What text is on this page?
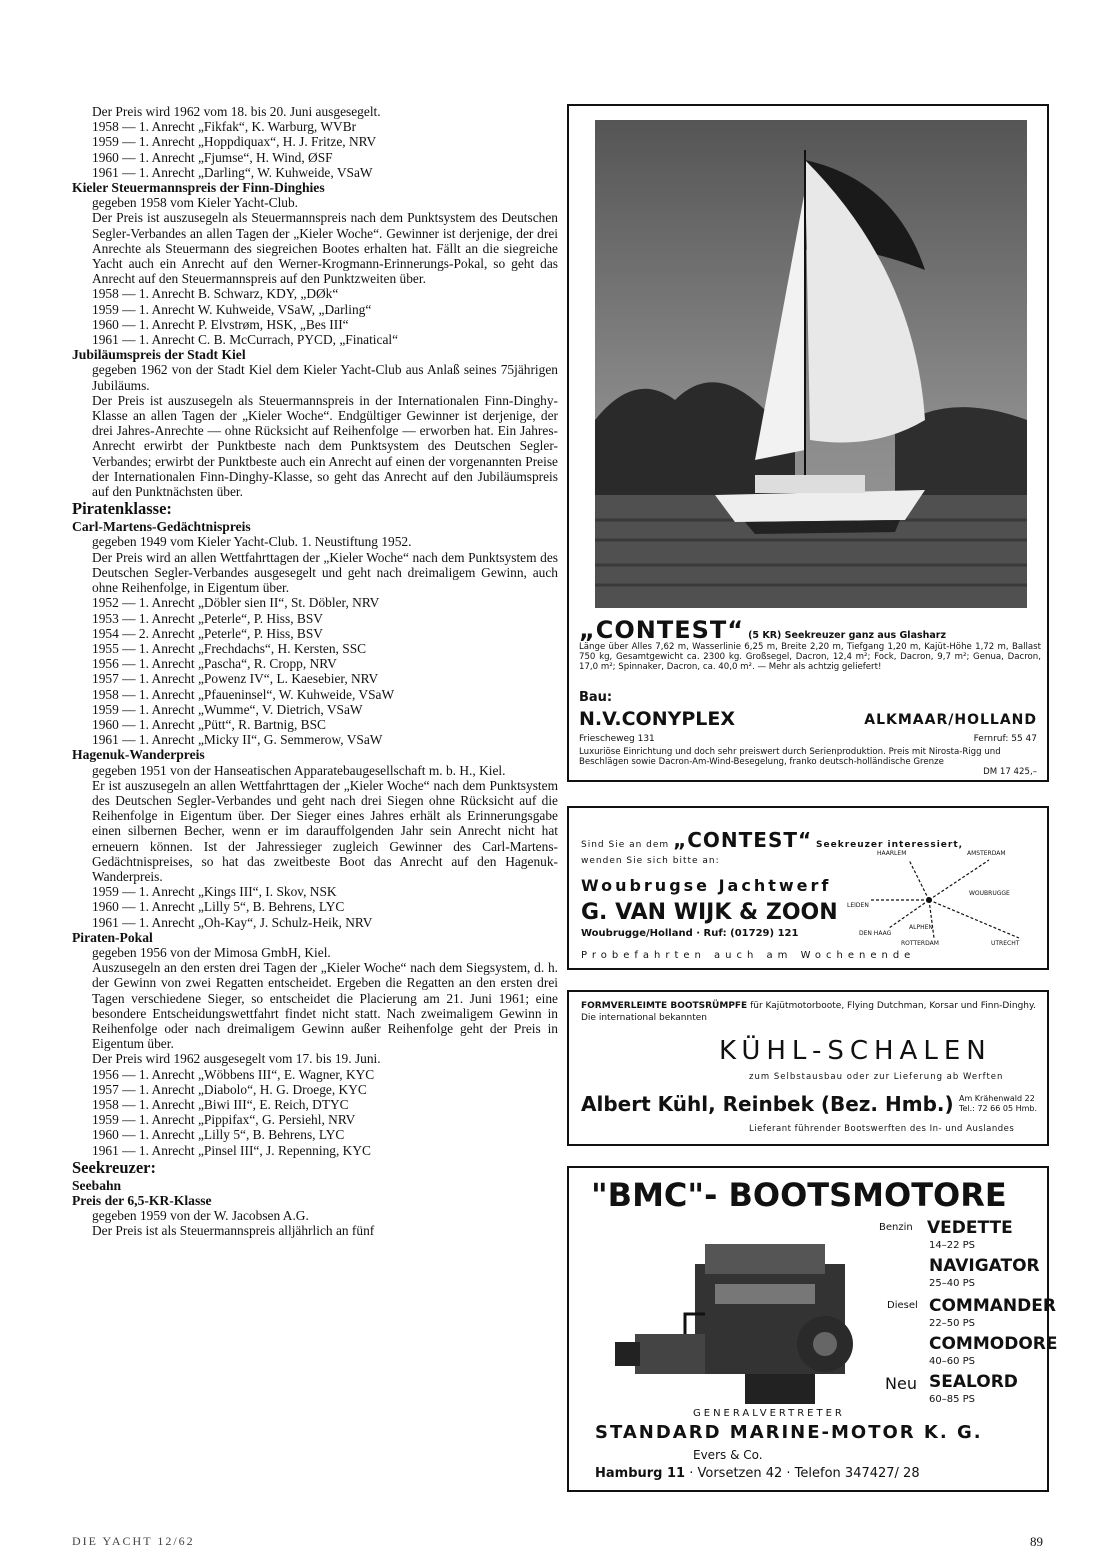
Der Preis wird 1962 vom 18. bis 20. Juni ausgesegelt.
1958 — 1. Anrecht „Fikfak“, K. Warburg, WVBr
1959 — 1. Anrecht „Hoppdiquax“, H. J. Fritze, NRV
1960 — 1. Anrecht „Fjumse“, H. Wind, ØSF
1961 — 1. Anrecht „Darling“, W. Kuhweide, VSaW
Kieler Steuermannspreis der Finn-Dinghies
gegeben 1958 vom Kieler Yacht-Club.
Der Preis ist auszusegeln als Steuermannspreis nach dem Punktsystem des Deutschen Segler-Verbandes an allen Tagen der „Kieler Woche“. Gewinner ist derjenige, der drei Anrechte als Steuermann des siegreichen Bootes erhalten hat. Fällt an die siegreiche Yacht auch ein Anrecht auf den Werner-Krogmann-Erinnerungs-Pokal, so geht das Anrecht auf den Steuermannspreis auf den Punktzweiten über.
1958 — 1. Anrecht B. Schwarz, KDY, „DØk“
1959 — 1. Anrecht W. Kuhweide, VSaW, „Darling“
1960 — 1. Anrecht P. Elvstrøm, HSK, „Bes III“
1961 — 1. Anrecht C. B. McCurrach, PYCD, „Finatical“
Jubiläumspreis der Stadt Kiel
gegeben 1962 von der Stadt Kiel dem Kieler Yacht-Club aus Anlaß seines 75jährigen Jubiläums.
Der Preis ist auszusegeln als Steuermannspreis in der Internationalen Finn-Dinghy-Klasse an allen Tagen der „Kieler Woche“. Endgültiger Gewinner ist derjenige, der drei Jahres-Anrechte — ohne Rücksicht auf Reihenfolge — erworben hat. Ein Jahres-Anrecht erwirbt der Punktbeste nach dem Punktsystem des Deutschen Segler-Verbandes; erwirbt der Punktbeste auch ein Anrecht auf einen der vorgenannten Preise der Internationalen Finn-Dinghy-Klasse, so geht das Anrecht auf den Jubiläumspreis auf den Punktnächsten über.
Piratenklasse:
Carl-Martens-Gedächtnispreis
gegeben 1949 vom Kieler Yacht-Club. 1. Neustiftung 1952.
Der Preis wird an allen Wettfahrttagen der „Kieler Woche“ nach dem Punktsystem des Deutschen Segler-Verbandes ausgesegelt und geht nach dreimaligem Gewinn, auch ohne Reihenfolge, in Eigentum über.
1952 — 1. Anrecht „Döbler sien II“, St. Döbler, NRV
1953 — 1. Anrecht „Peterle“, P. Hiss, BSV
1954 — 2. Anrecht „Peterle“, P. Hiss, BSV
1955 — 1. Anrecht „Frechdachs“, H. Kersten, SSC
1956 — 1. Anrecht „Pascha“, R. Cropp, NRV
1957 — 1. Anrecht „Powenz IV“, L. Kaesebier, NRV
1958 — 1. Anrecht „Pfaueninsel“, W. Kuhweide, VSaW
1959 — 1. Anrecht „Wumme“, V. Dietrich, VSaW
1960 — 1. Anrecht „Pütt“, R. Bartnig, BSC
1961 — 1. Anrecht „Micky II“, G. Semmerow, VSaW
Hagenuk-Wanderpreis
gegeben 1951 von der Hanseatischen Apparatebaugesellschaft m. b. H., Kiel.
Er ist auszusegeln an allen Wettfahrttagen der „Kieler Woche“ nach dem Punktsystem des Deutschen Segler-Verbandes und geht nach drei Siegen ohne Rücksicht auf die Reihenfolge in Eigentum über. Der Sieger eines Jahres erhält als Erinnerungsgabe einen silbernen Becher, wenn er im darauffolgenden Jahr sein Anrecht nicht hat erneuern können. Ist der Jahressieger zugleich Gewinner des Carl-Martens-Gedächtnispreises, so hat das zweitbeste Boot das Anrecht auf den Hagenuk-Wanderpreis.
1959 — 1. Anrecht „Kings III“, I. Skov, NSK
1960 — 1. Anrecht „Lilly 5“, B. Behrens, LYC
1961 — 1. Anrecht „Oh-Kay“, J. Schulz-Heik, NRV
Piraten-Pokal
gegeben 1956 von der Mimosa GmbH, Kiel.
Auszusegeln an den ersten drei Tagen der „Kieler Woche“ nach dem Siegsystem, d. h. der Gewinn von zwei Regatten entscheidet. Ergeben die Regatten an den ersten drei Tagen verschiedene Sieger, so entscheidet die Placierung am 21. Juni 1961; eine besondere Entscheidungswettfahrt findet nicht statt. Nach zweimaligem Gewinn in Reihenfolge oder nach dreimaligem Gewinn außer Reihenfolge geht der Preis in Eigentum über.
Der Preis wird 1962 ausgesegelt vom 17. bis 19. Juni.
1956 — 1. Anrecht „Wöbbens III“, E. Wagner, KYC
1957 — 1. Anrecht „Diabolo“, H. G. Droege, KYC
1958 — 1. Anrecht „Biwi III“, E. Reich, DTYC
1959 — 1. Anrecht „Pippifax“, G. Persiehl, NRV
1960 — 1. Anrecht „Lilly 5“, B. Behrens, LYC
1961 — 1. Anrecht „Pinsel III“, J. Repenning, KYC
Seekreuzer:
Seebahn
Preis der 6,5-KR-Klasse
gegeben 1959 von der W. Jacobsen A.G.
Der Preis ist als Steuermannspreis alljährlich an fünf
DIE YACHT 12/62	89
„CONTEST“ (5 KR) Seekreuzer ganz aus Glasharz
Länge über Alles 7,62 m, Wasserlinie 6,25 m, Breite 2,20 m, Tiefgang 1,20 m, Kajüt-Höhe 1,72 m, Ballast 750 kg, Gesamtgewicht ca. 2300 kg. Großsegel, Dacron, 12,4 m²; Fock, Dacron, 9,7 m²; Genua, Dacron, 17,0 m²; Spinnaker, Dacron, ca. 40,0 m². — Mehr als achtzig geliefert!
Bau:
N.V.CONYPLEX	ALKMAAR/HOLLAND
Friescheweg 131	Fernruf: 55 47
Luxuriöse Einrichtung und doch sehr preiswert durch Serienproduktion. Preis mit Nirosta-Rigg und Beschlägen sowie Dacron-Am-Wind-Besegelung, franko deutsch-holländische Grenze
DM 17 425,–
Sind Sie an dem „CONTEST“ Seekreuzer interessiert,
wenden Sie sich bitte an:
Woubrugse Jachtwerf
G. VAN WIJK & ZOON
Woubrugge/Holland · Ruf: (01729) 121
Probefahrten auch am Wochenende
HAARLEM	AMSTERDAM
WOUBRUGGE
LEIDEN
DEN HAAG
ALPHEN
ROTTERDAM	UTRECHT
FORMVERLEIMTE BOOTSRÜMPFE für Kajütmotorboote, Flying Dutchman, Korsar und Finn-Dinghy. Die international bekannten
KÜHL-SCHALEN
zum Selbstausbau oder zur Lieferung ab Werften
Albert Kühl, Reinbek (Bez. Hmb.) Am Krähenwald 22
Tel.: 72 66 05 Hmb.
Lieferant führender Bootswerften des In- und Auslandes
"BMC"- BOOTSMOTORE
Benzin VEDETTE
14–22 PS
NAVIGATOR
25–40 PS
Diesel COMMANDER
22–50 PS
COMMODORE
40–60 PS
Neu SEALORD
60–85 PS
GENERALVERTRETER
STANDARD MARINE-MOTOR K. G.
Evers & Co.
Hamburg 11 · Vorsetzen 42 · Telefon 347427/ 28
